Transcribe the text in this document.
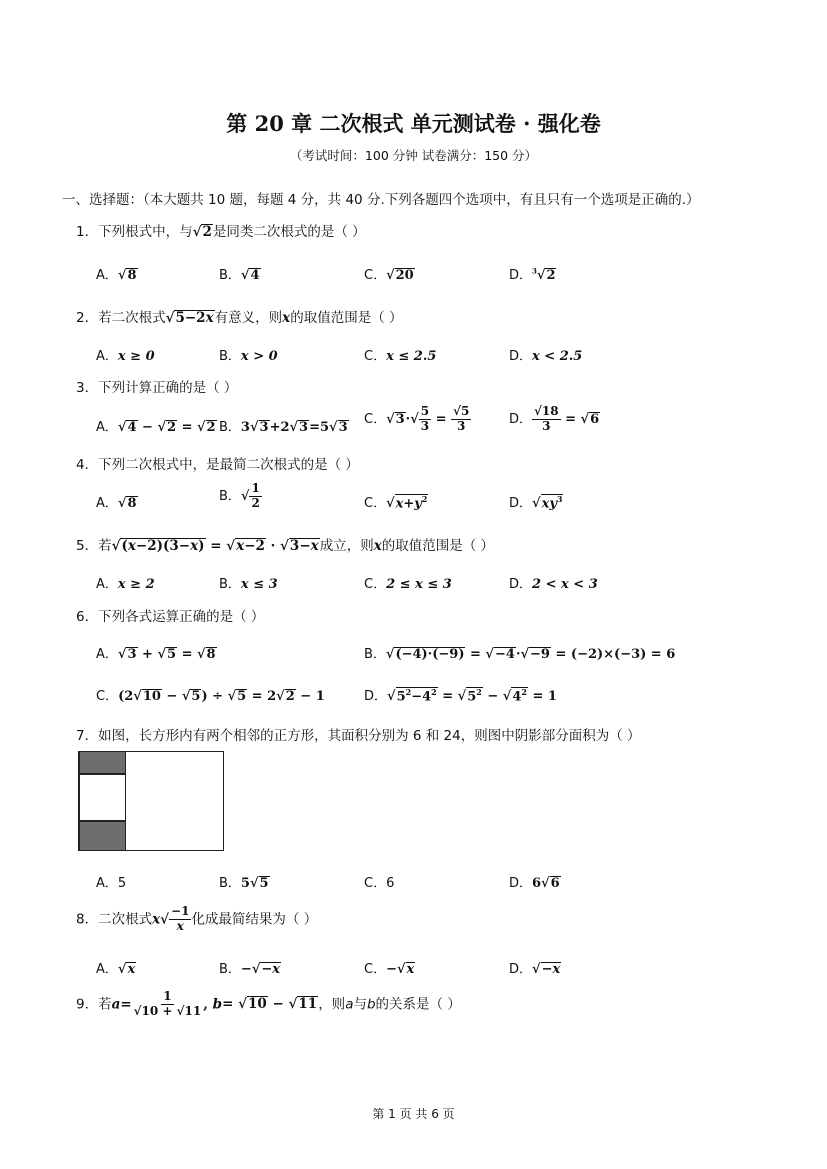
第 20 章 二次根式 单元测试卷 · 强化卷
（考试时间：100 分钟 试卷满分：150 分）
一、选择题：（本大题共 10 题，每题 4 分，共 40 分.下列各题四个选项中，有且只有一个选项是正确的.）
1．下列根式中，与√2是同类二次根式的是（ ）
A．√8	B．√4	C．√20	D．$^3$√2
2．若二次根式√5−2x有意义，则x的取值范围是（ ）
A．x ≥ 0	B．x > 0	C．x ≤ 2.5	D．x < 2.5
3．下列计算正确的是（ ）
A．√4 − √2 = √2 B．3√3+2√3=5√3
C．$√3\cdot√ \frac{5}{3} = \frac{√5}{3}$	D． $\frac{√18}{3} = √6$
4．下列二次根式中，是最简二次根式的是（ ）
A．√8	B．√ $\frac{1}{2}$	C．$√x+y^2$	D．$√xy^3$
5．若√(x−2)(3−x) = √x−2 · √3−x成立，则x的取值范围是（ ）
A．x ≥ 2	B．x ≤ 3	C．2 ≤ x ≤ 3	D．2 < x < 3
6．下列各式运算正确的是（ ）
A．√3 + √5 = √8	B．√(−4)·(−9) = √−4·√−9 = (−2)×(−3) = 6
C．(2√10 − √5) ÷ √5 = 2√2 − 1	D．$√5^2-4^2 = √5^2 - √4^2 = 1$
7．如图，长方形内有两个相邻的正方形，其面积分别为 6 和 24，则图中阴影部分面积为（ ）
A．5	B．5√5	C．6	D．6√6
8．二次根式$x√ \frac{-1}{x}$ 化成最简结果为（ ）
A．√x	B．−√−x	C．−√x	D．√−x
9．若$a= \frac{1}{√10 + √11}$ , b= √10 − √11，则a与b的关系是（ ）
第 1 页 共 6 页
